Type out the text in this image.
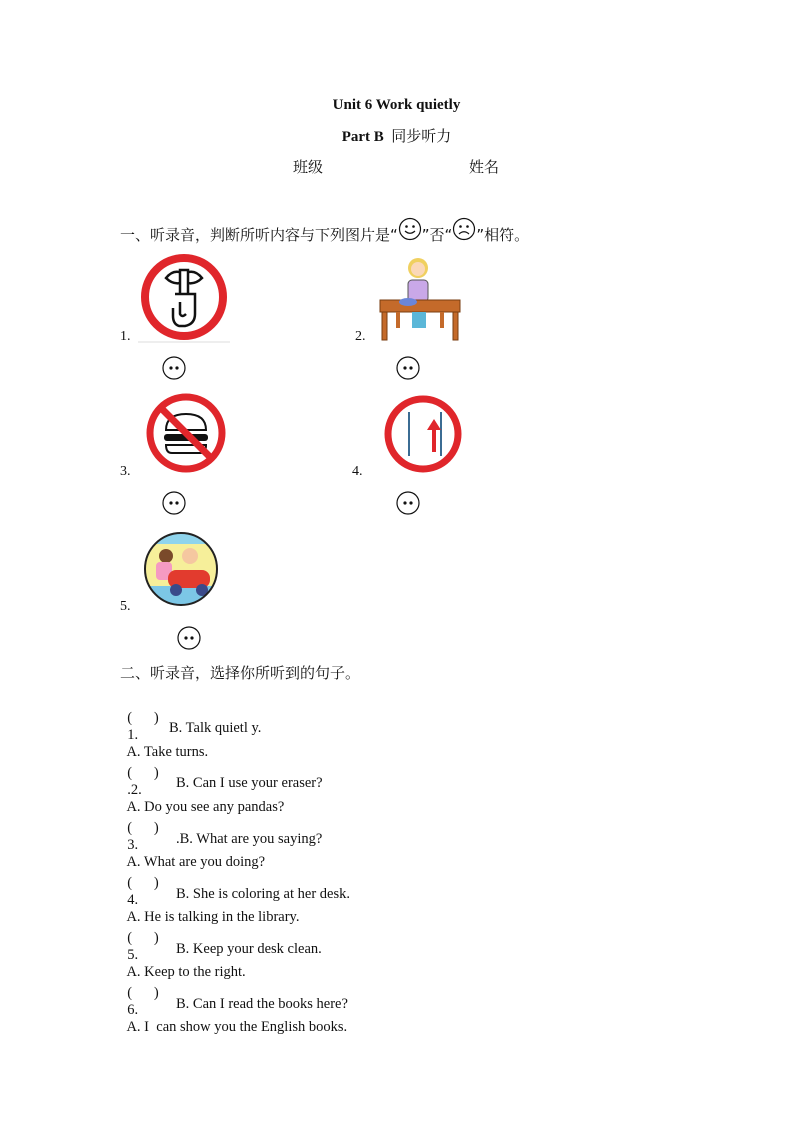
Unit 6 Work quietly
Part B 同步听力
班级	姓名
一、听录音，判断所听内容与下列图片是“ ”否“ ”相符。
1.	2.
3.	4.
5.
二、听录音，选择你所听到的句子。

(      )
1.
A. Take turns.

B. Talk quietl y.

(      )
.2.
A. Do you see any pandas?

B. Can I use your eraser?

(      )
3.
A. What are you doing?

.B. What are you saying?

(      )
4.
A. He is talking in the library.

B. She is coloring at her desk.

(      )
5.
A. Keep to the right.

B. Keep your desk clean.

(      )
6.
A. I  can show you the English books.

B. Can I read the books here?
